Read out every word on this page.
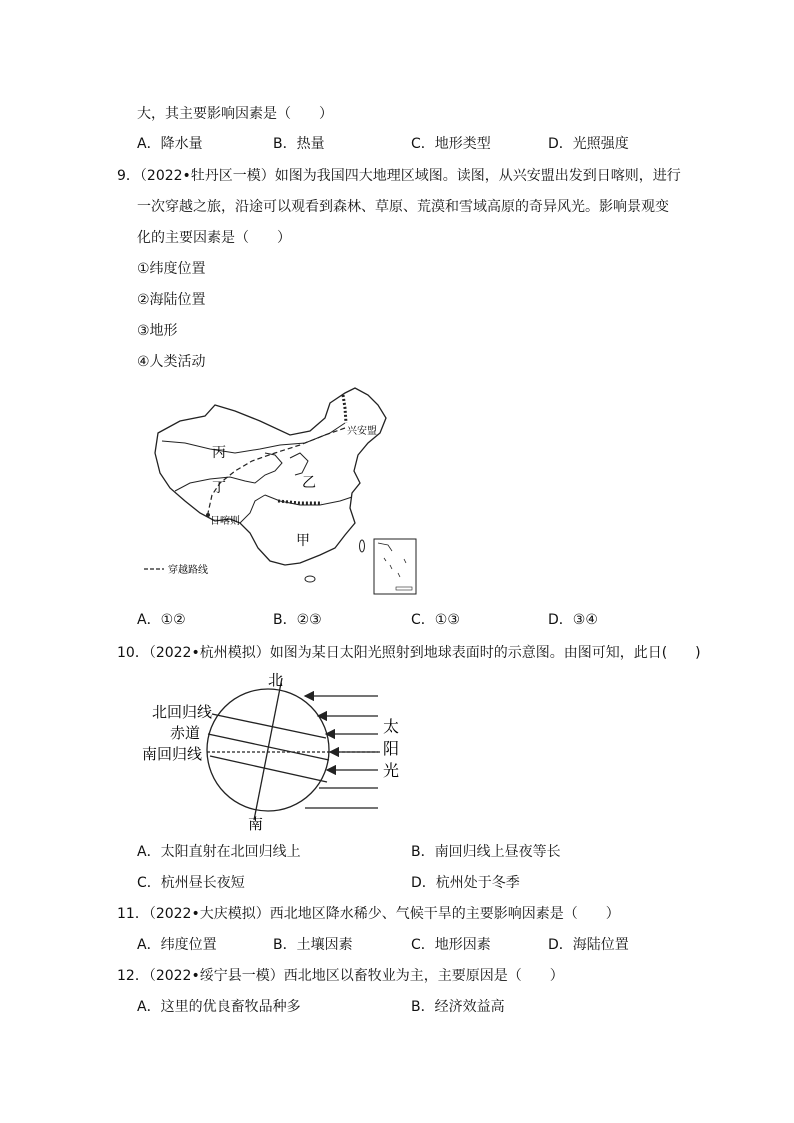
大，其主要影响因素是（　　）
A．降水量	B．热量	C．地形类型	D．光照强度
9．（2022•牡丹区一模）如图为我国四大地理区域图。读图，从兴安盟出发到日喀则，进行
一次穿越之旅，沿途可以观看到森林、草原、荒漠和雪域高原的奇异风光。影响景观变
化的主要因素是（　　）
①纬度位置
②海陆位置
③地形
④人类活动
丙
丁	乙
甲
兴安盟
日喀则
穿越路线
A．①②	B．②③	C．①③	D．③④
10．（2022•杭州模拟）如图为某日太阳光照射到地球表面时的示意图。由图可知，此日(　　)
北
南
北回归线
赤道
南回归线
太
阳
光
A．太阳直射在北回归线上	B．南回归线上昼夜等长
C．杭州昼长夜短	D．杭州处于冬季
11．（2022•大庆模拟）西北地区降水稀少、气候干旱的主要影响因素是（　　）
A．纬度位置	B．土壤因素	C．地形因素	D．海陆位置
12．（2022•绥宁县一模）西北地区以畜牧业为主，主要原因是（　　）
A．这里的优良畜牧品种多	B．经济效益高
